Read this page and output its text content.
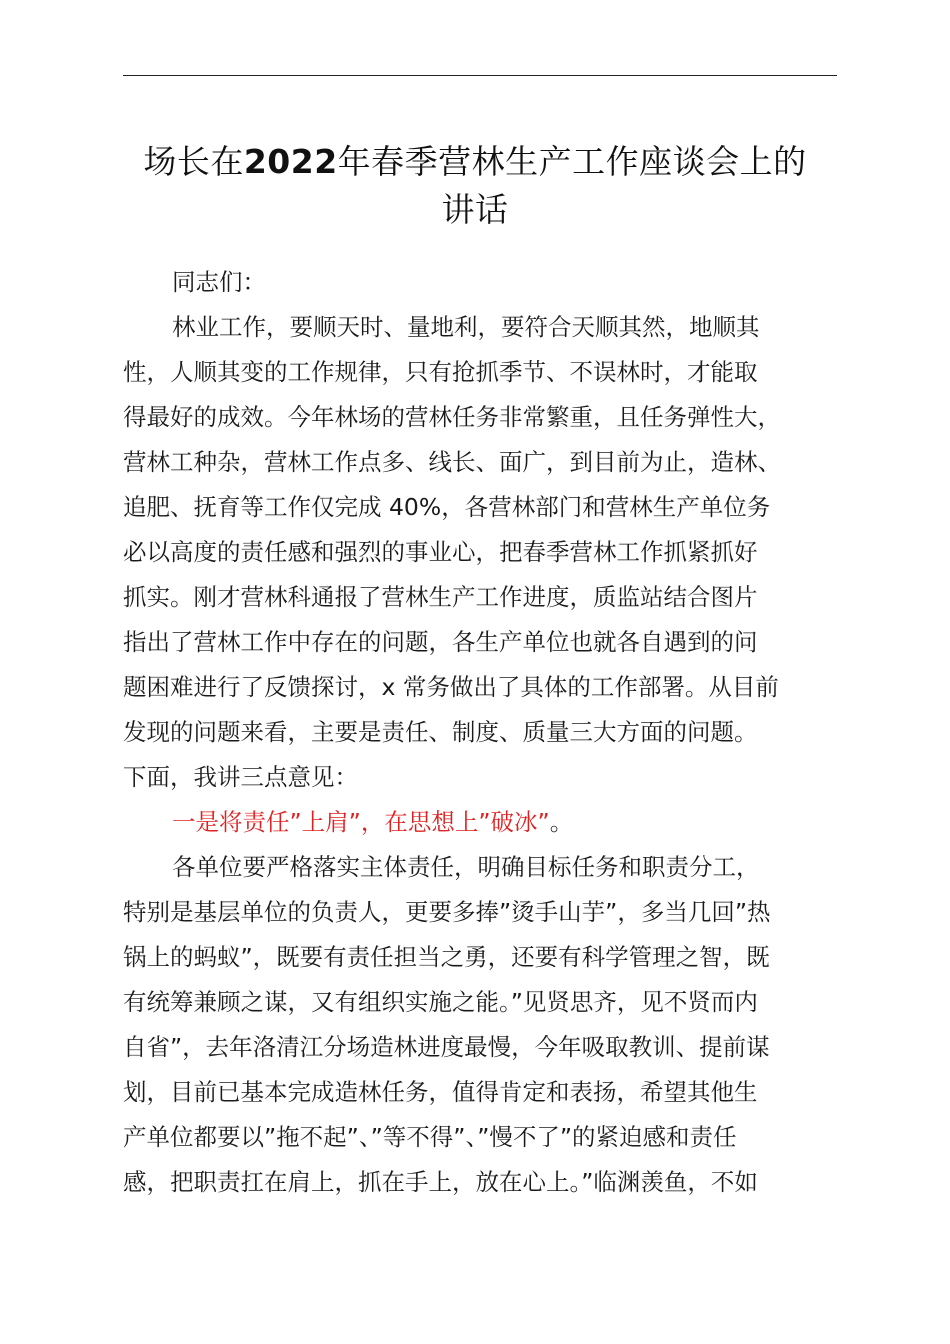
场长在2022年春季营林生产工作座谈会上的
讲话
同志们：
林业工作，要顺天时、量地利，要符合天顺其然，地顺其
性，人顺其变的工作规律，只有抢抓季节、不误林时，才能取
得最好的成效。今年林场的营林任务非常繁重，且任务弹性大，
营林工种杂，营林工作点多、线长、面广，到目前为止，造林、
追肥、抚育等工作仅完成 40%，各营林部门和营林生产单位务
必以高度的责任感和强烈的事业心，把春季营林工作抓紧抓好
抓实。刚才营林科通报了营林生产工作进度，质监站结合图片
指出了营林工作中存在的问题，各生产单位也就各自遇到的问
题困难进行了反馈探讨，x 常务做出了具体的工作部署。从目前
发现的问题来看，主要是责任、制度、质量三大方面的问题。
下面，我讲三点意见：
一是将责任”上肩”，在思想上”破冰”。
各单位要严格落实主体责任，明确目标任务和职责分工，
特别是基层单位的负责人，更要多捧”烫手山芋”，多当几回”热
锅上的蚂蚁”，既要有责任担当之勇，还要有科学管理之智，既
有统筹兼顾之谋，又有组织实施之能。”见贤思齐，见不贤而内
自省”，去年洛清江分场造林进度最慢，今年吸取教训、提前谋
划，目前已基本完成造林任务，值得肯定和表扬，希望其他生
产单位都要以”拖不起”、”等不得”、”慢不了”的紧迫感和责任
感，把职责扛在肩上，抓在手上，放在心上。”临渊羡鱼，不如
